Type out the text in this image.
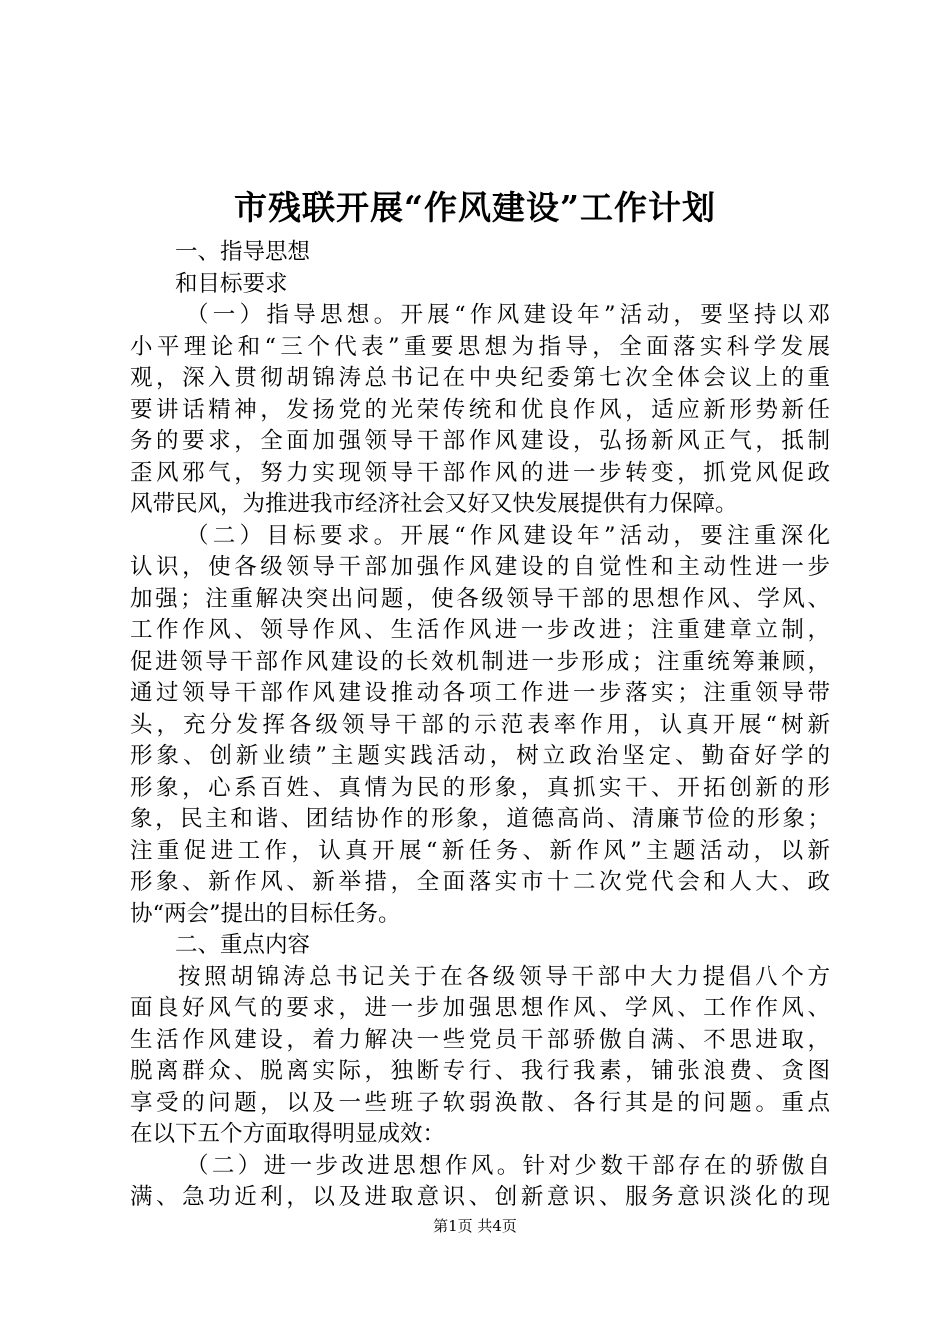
市残联开展“作风建设”工作计划
一、指导思想
和目标要求
（一）指导思想。开展“作风建设年”活动，要坚持以邓
小平理论和“三个代表”重要思想为指导，全面落实科学发展
观，深入贯彻胡锦涛总书记在中央纪委第七次全体会议上的重
要讲话精神，发扬党的光荣传统和优良作风，适应新形势新任
务的要求，全面加强领导干部作风建设，弘扬新风正气，抵制
歪风邪气，努力实现领导干部作风的进一步转变，抓党风促政
风带民风，为推进我市经济社会又好又快发展提供有力保障。
（二）目标要求。开展“作风建设年”活动，要注重深化
认识，使各级领导干部加强作风建设的自觉性和主动性进一步
加强；注重解决突出问题，使各级领导干部的思想作风、学风、
工作作风、领导作风、生活作风进一步改进；注重建章立制，
促进领导干部作风建设的长效机制进一步形成；注重统筹兼顾，
通过领导干部作风建设推动各项工作进一步落实；注重领导带
头，充分发挥各级领导干部的示范表率作用，认真开展“树新
形象、创新业绩”主题实践活动，树立政治坚定、勤奋好学的
形象，心系百姓、真情为民的形象，真抓实干、开拓创新的形
象，民主和谐、团结协作的形象，道德高尚、清廉节俭的形象；
注重促进工作，认真开展“新任务、新作风”主题活动，以新
形象、新作风、新举措，全面落实市十二次党代会和人大、政
协“两会”提出的目标任务。
二、重点内容
按照胡锦涛总书记关于在各级领导干部中大力提倡八个方
面良好风气的要求，进一步加强思想作风、学风、工作作风、
生活作风建设，着力解决一些党员干部骄傲自满、不思进取，
脱离群众、脱离实际，独断专行、我行我素，铺张浪费、贪图
享受的问题，以及一些班子软弱涣散、各行其是的问题。重点
在以下五个方面取得明显成效：
（二）进一步改进思想作风。针对少数干部存在的骄傲自
满、急功近利，以及进取意识、创新意识、服务意识淡化的现
第1页 共4页
